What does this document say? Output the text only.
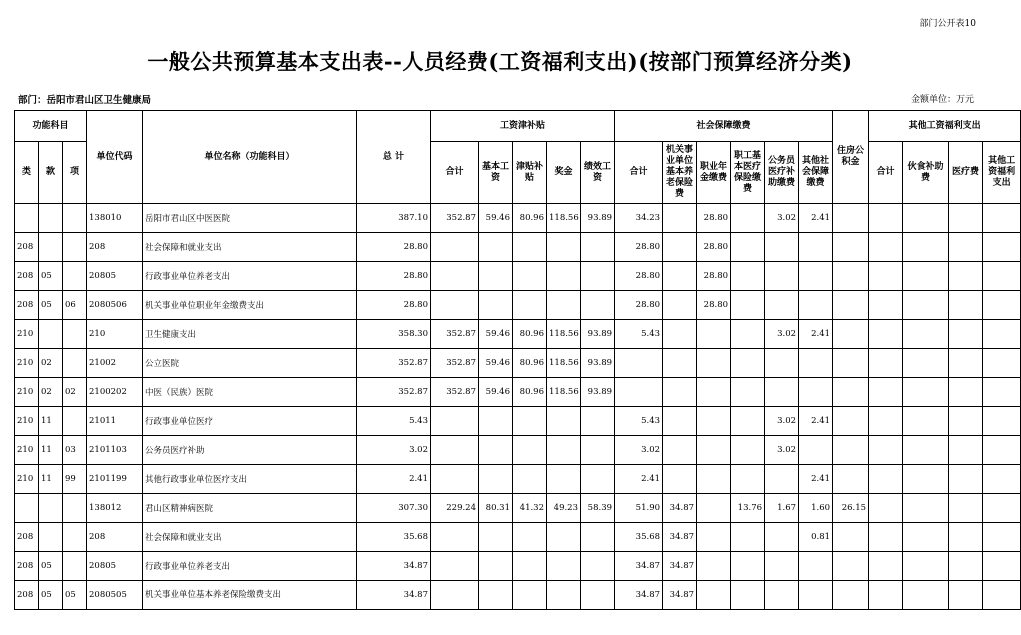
部门公开表10
一般公共预算基本支出表--人员经费(工资福利支出)(按部门预算经济分类)
部门：岳阳市君山区卫生健康局	金额单位：万元
功能科目			单位代码	单位名称（功能科目）	总 计	工资津补贴					社会保障缴费						住房公积金	其他工资福利支出			
类	款	项				合计	基本工资	津贴补贴	奖金	绩效工资	合计	机关事业单位基本养老保险费	职业年金缴费	职工基本医疗保险缴费	公务员医疗补助缴费	其他社会保障缴费		合计	伙食补助费	医疗费	其他工资福利支出
			138010	岳阳市君山区中医医院	387.10	352.87	59.46	80.96	118.56	93.89	34.23		28.80		3.02	2.41					
208			208	社会保障和就业支出	28.80						28.80		28.80								
208	05		20805	行政事业单位养老支出	28.80						28.80		28.80								
208	05	06	2080506	机关事业单位职业年金缴费支出	28.80						28.80		28.80								
210			210	卫生健康支出	358.30	352.87	59.46	80.96	118.56	93.89	5.43				3.02	2.41					
210	02		21002	公立医院	352.87	352.87	59.46	80.96	118.56	93.89											
210	02	02	2100202	中医（民族）医院	352.87	352.87	59.46	80.96	118.56	93.89											
210	11		21011	行政事业单位医疗	5.43						5.43				3.02	2.41					
210	11	03	2101103	公务员医疗补助	3.02						3.02				3.02						
210	11	99	2101199	其他行政事业单位医疗支出	2.41						2.41					2.41					
			138012	君山区精神病医院	307.30	229.24	80.31	41.32	49.23	58.39	51.90	34.87		13.76	1.67	1.60	26.15				
208			208	社会保障和就业支出	35.68						35.68	34.87				0.81					
208	05		20805	行政事业单位养老支出	34.87						34.87	34.87									
208	05	05	2080505	机关事业单位基本养老保险缴费支出	34.87						34.87	34.87									
